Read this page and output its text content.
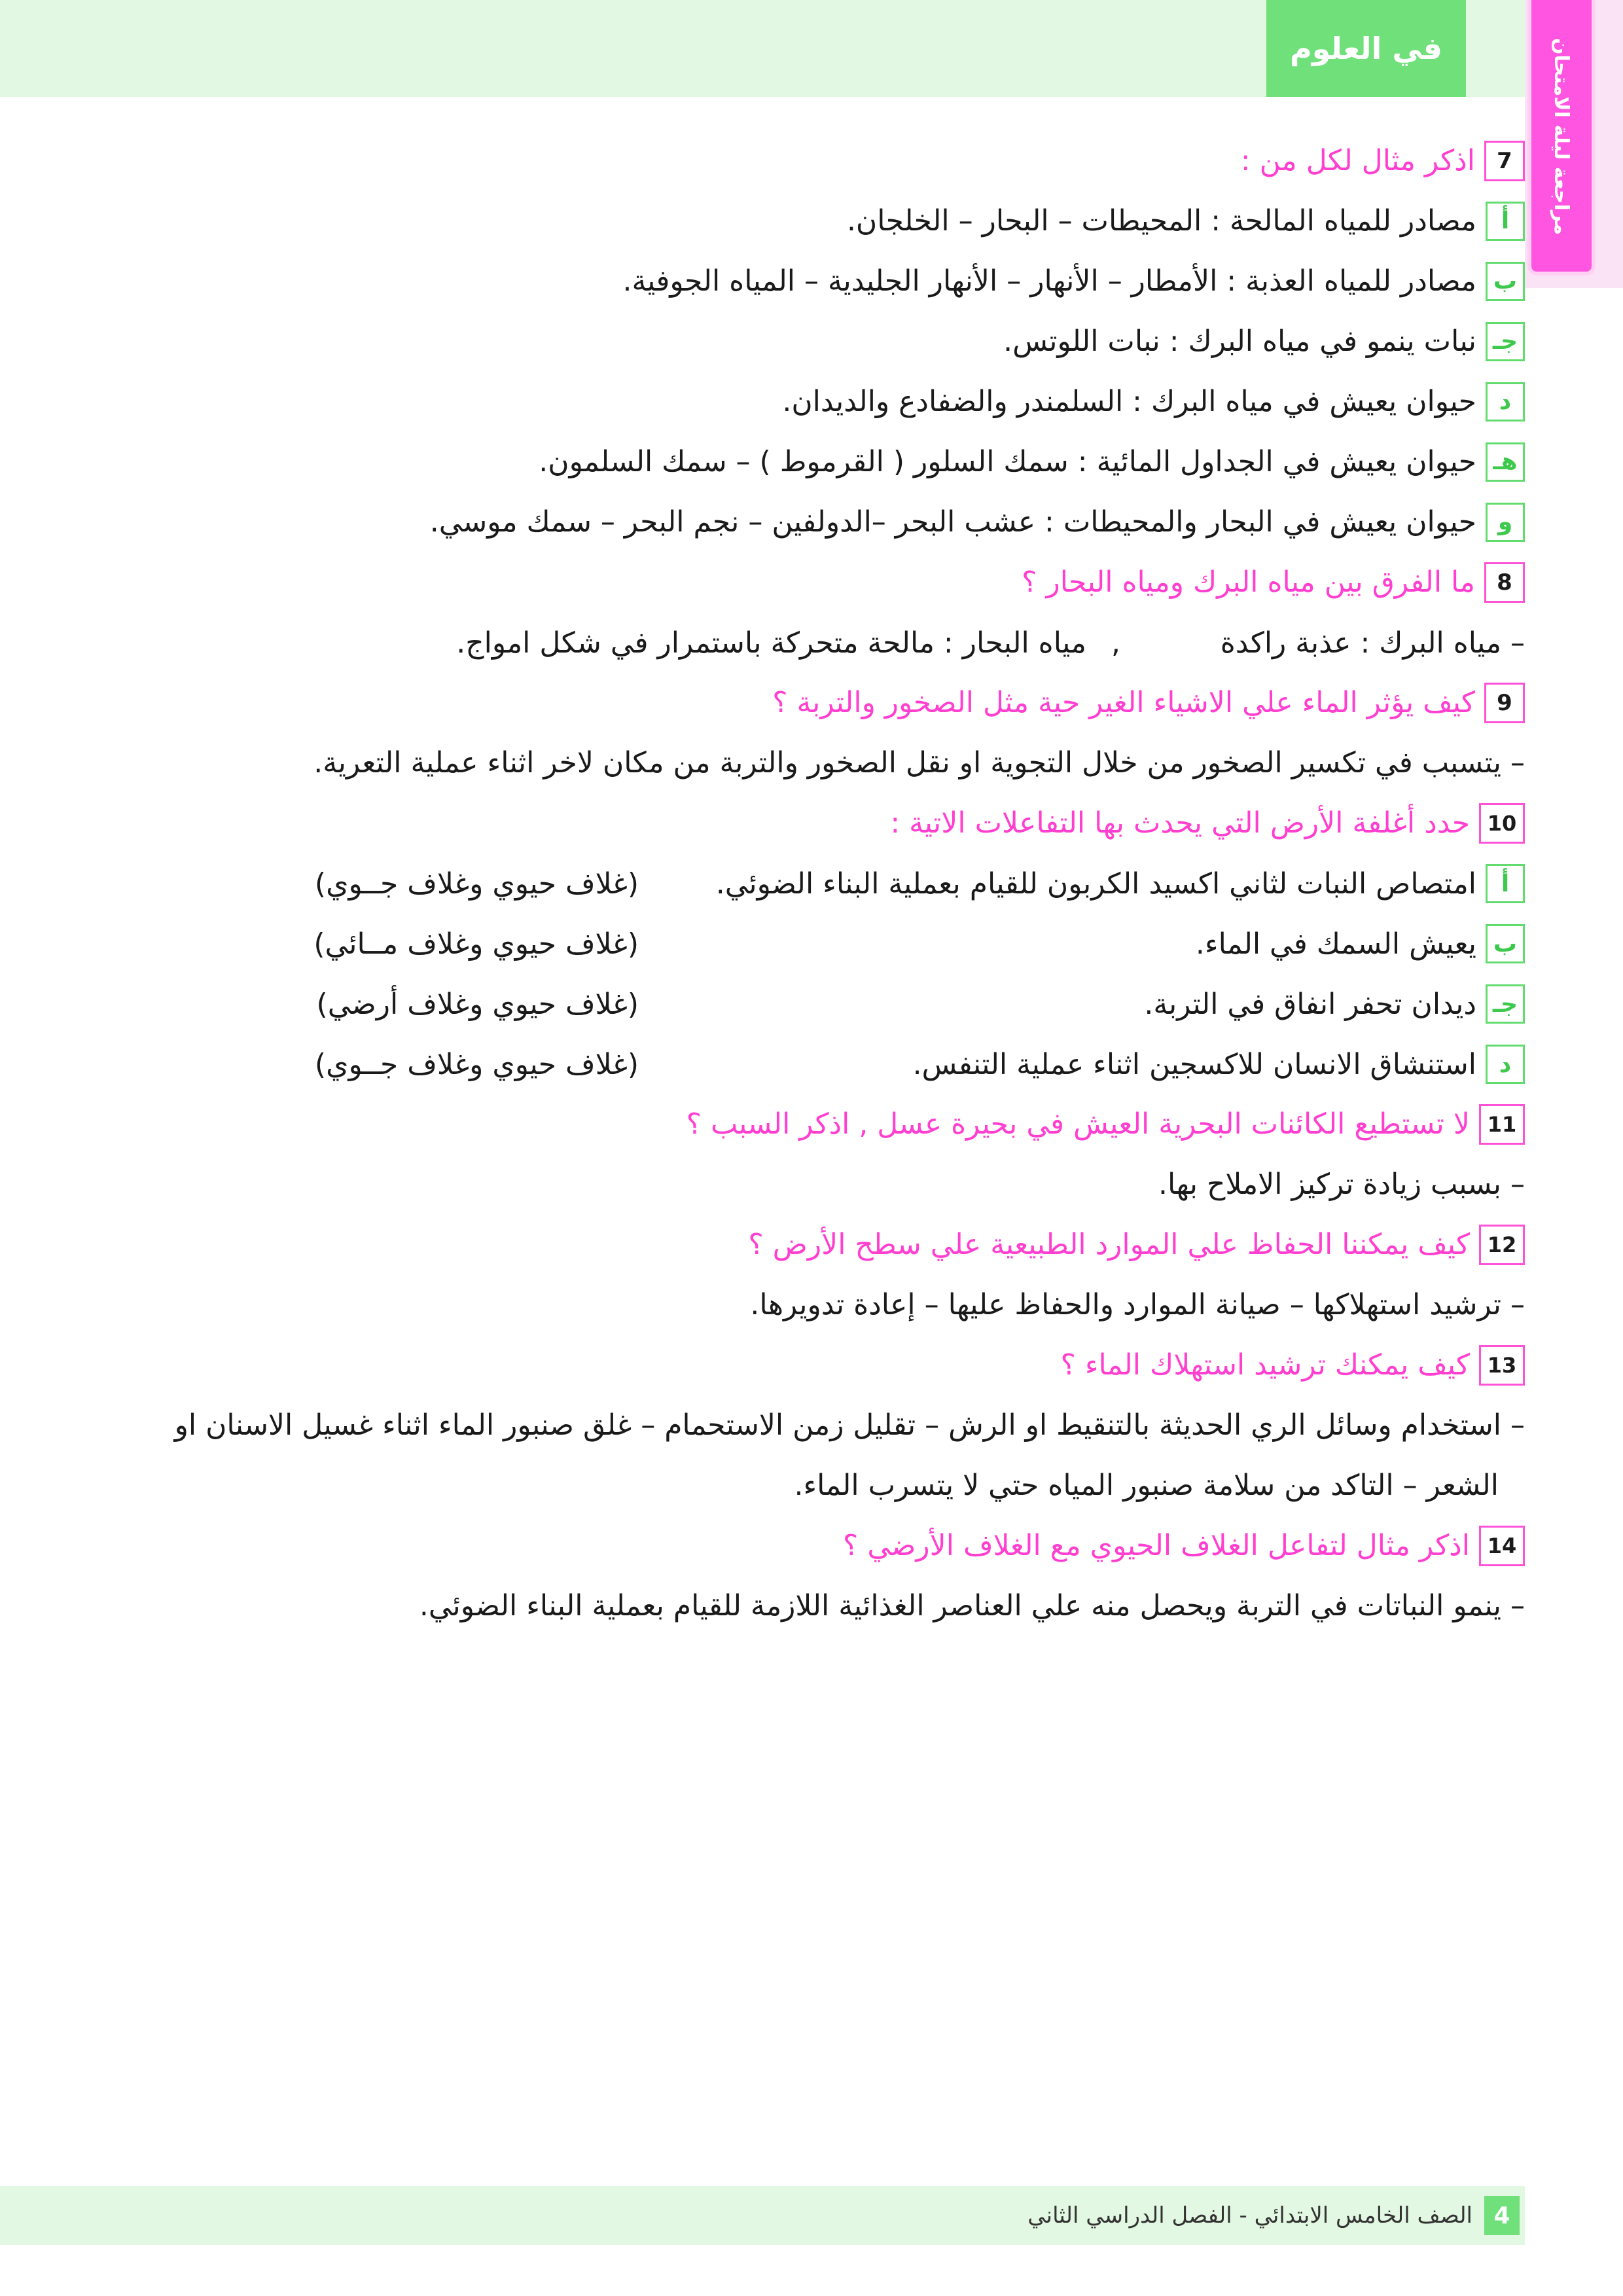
في العلوم	مراجعة ليلة الامتحان
7
اذكر مثال لكل من :
أ
مصادر للمياه المالحة : المحيطات – البحار – الخلجان.
ب
مصادر للمياه العذبة : الأمطار – الأنهار – الأنهار الجليدية – المياه الجوفية.
جـ
نبات ينمو في مياه البرك : نبات اللوتس.
د
حيوان يعيش في مياه البرك : السلمندر والضفادع والديدان.
هـ
حيوان يعيش في الجداول المائية : سمك السلور ( القرموط ) – سمك السلمون.
و
حيوان يعيش في البحار والمحيطات : عشب البحر –الدولفين – نجم البحر – سمك موسي.
8
ما الفرق بين مياه البرك ومياه البحار ؟
– مياه البرك : عذبة راكدة
,
مياه البحار : مالحة متحركة باستمرار في شكل امواج.
9
كيف يؤثر الماء علي الاشياء الغير حية مثل الصخور والتربة ؟
– يتسبب في تكسير الصخور من خلال التجوية او نقل الصخور والتربة من مكان لاخر اثناء عملية التعرية.
10
حدد أغلفة الأرض التي يحدث بها التفاعلات الاتية :
أ
امتصاص النبات لثاني اكسيد الكربون للقيام بعملية البناء الضوئي.
(غلاف حيوي وغلاف جــوي)
ب
يعيش السمك في الماء.
(غلاف حيوي وغلاف مــائي)
جـ
ديدان تحفر انفاق في التربة.
(غلاف حيوي وغلاف أرضي)
د
استنشاق الانسان للاكسجين اثناء عملية التنفس.
(غلاف حيوي وغلاف جــوي)
11
لا تستطيع الكائنات البحرية العيش في بحيرة عسل , اذكر السبب ؟
– بسبب زيادة تركيز الاملاح بها.
12
كيف يمكننا الحفاظ علي الموارد الطبيعية علي سطح الأرض ؟
– ترشيد استهلاكها – صيانة الموارد والحفاظ عليها – إعادة تدويرها.
13
كيف يمكنك ترشيد استهلاك الماء ؟
– استخدام وسائل الري الحديثة بالتنقيط او الرش – تقليل زمن الاستحمام – غلق صنبور الماء اثناء غسيل الاسنان او
الشعر – التاكد من سلامة صنبور المياه حتي لا يتسرب الماء.
14
اذكر مثال لتفاعل الغلاف الحيوي مع الغلاف الأرضي ؟
– ينمو النباتات في التربة ويحصل منه علي العناصر الغذائية اللازمة للقيام بعملية البناء الضوئي.
4
الصف الخامس الابتدائي - الفصل الدراسي الثاني
